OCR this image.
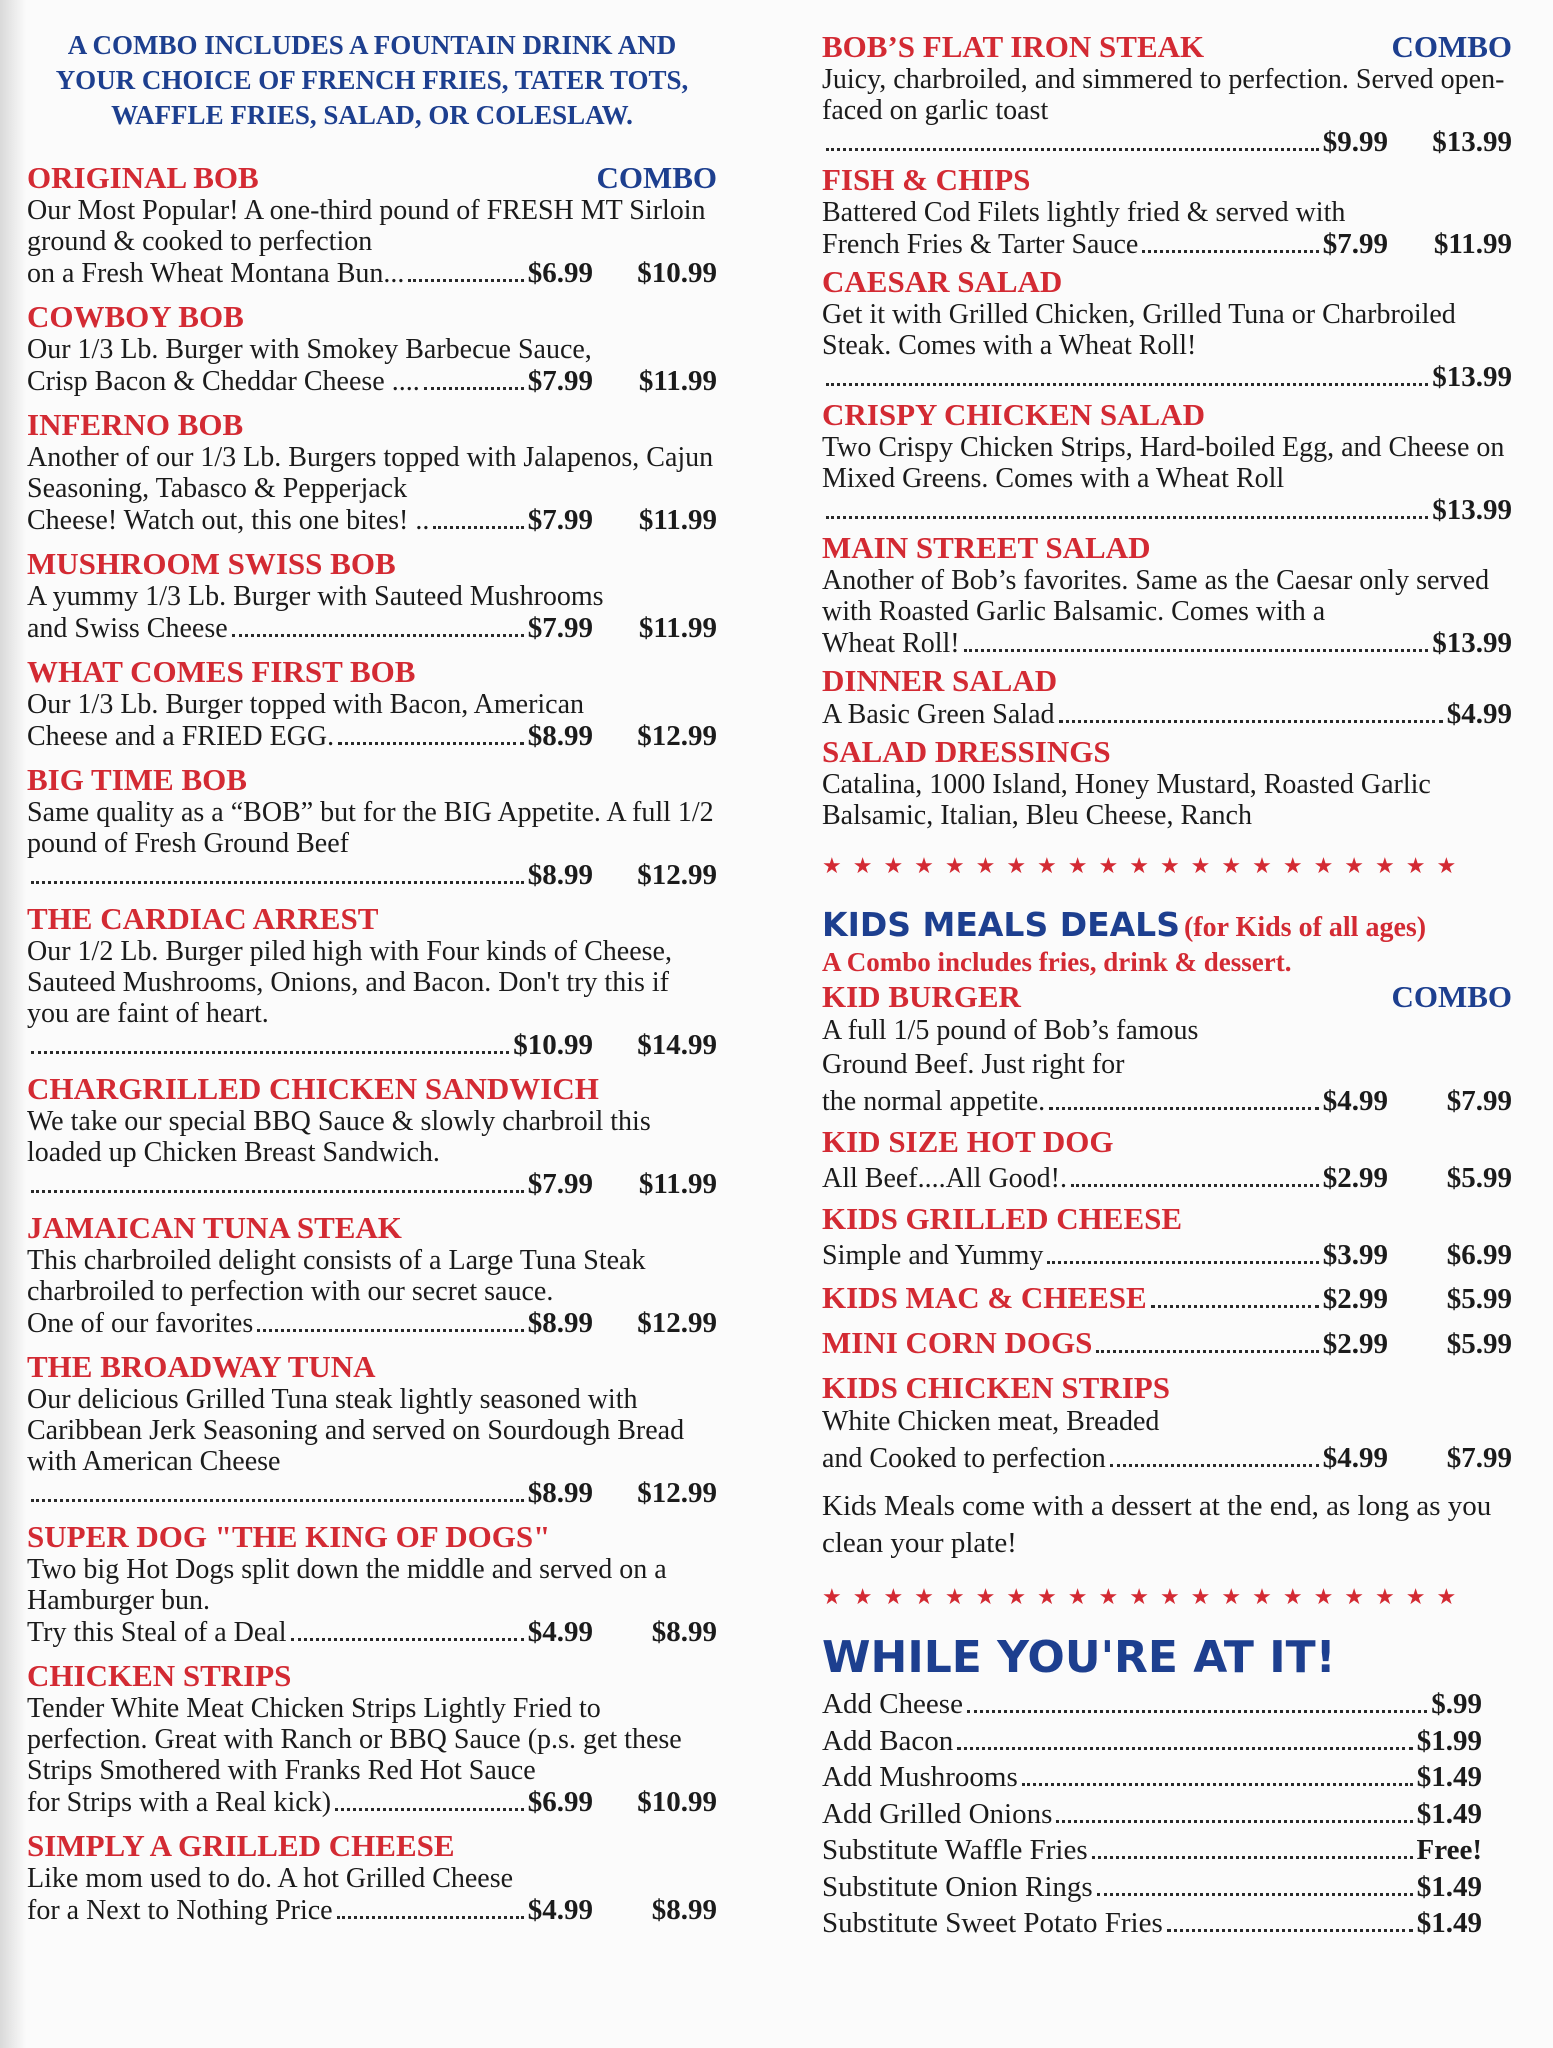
A COMBO INCLUDES A FOUNTAIN DRINK AND YOUR CHOICE OF FRENCH FRIES, TATER TOTS, WAFFLE FRIES, SALAD, OR COLESLAW.
ORIGINAL BOB	COMBO
Our Most Popular! A one-third pound of FRESH MT Sirloin ground & cooked to perfection
on a Fresh Wheat Montana Bun...	$6.99	$10.99
COWBOY BOB
Our 1/3 Lb. Burger with Smokey Barbecue Sauce,
Crisp Bacon & Cheddar Cheese ....	$7.99	$11.99
INFERNO BOB
Another of our 1/3 Lb. Burgers topped with Jalapenos, Cajun Seasoning, Tabasco & Pepperjack
Cheese! Watch out, this one bites! ..	$7.99	$11.99
MUSHROOM SWISS BOB
A yummy 1/3 Lb. Burger with Sauteed Mushrooms
and Swiss Cheese	$7.99	$11.99
WHAT COMES FIRST BOB
Our 1/3 Lb. Burger topped with Bacon, American
Cheese and a FRIED EGG.	$8.99	$12.99
BIG TIME BOB
Same quality as a “BOB” but for the BIG Appetite. A full 1/2 pound of Fresh Ground Beef
$8.99	$12.99
THE CARDIAC ARREST
Our 1/2 Lb. Burger piled high with Four kinds of Cheese, Sauteed Mushrooms, Onions, and Bacon. Don't try this if you are faint of heart.
$10.99	$14.99
CHARGRILLED CHICKEN SANDWICH
We take our special BBQ Sauce & slowly charbroil this loaded up Chicken Breast Sandwich.
$7.99	$11.99
JAMAICAN TUNA STEAK
This charbroiled delight consists of a Large Tuna Steak charbroiled to perfection with our secret sauce.
One of our favorites	$8.99	$12.99
THE BROADWAY TUNA
Our delicious Grilled Tuna steak lightly seasoned with Caribbean Jerk Seasoning and served on Sourdough Bread with American Cheese
$8.99	$12.99
SUPER DOG "THE KING OF DOGS"
Two big Hot Dogs split down the middle and served on a Hamburger bun.
Try this Steal of a Deal	$4.99	$8.99
CHICKEN STRIPS
Tender White Meat Chicken Strips Lightly Fried to perfection. Great with Ranch or BBQ Sauce (p.s. get these Strips Smothered with Franks Red Hot Sauce
for Strips with a Real kick)	$6.99	$10.99
SIMPLY A GRILLED CHEESE
Like mom used to do. A hot Grilled Cheese
for a Next to Nothing Price	$4.99	$8.99
BOB’S FLAT IRON STEAK	COMBO
Juicy, charbroiled, and simmered to perfection. Served open-faced on garlic toast
$9.99	$13.99
FISH & CHIPS
Battered Cod Filets lightly fried & served with
French Fries & Tarter Sauce	$7.99	$11.99
CAESAR SALAD
Get it with Grilled Chicken, Grilled Tuna or Charbroiled Steak. Comes with a Wheat Roll!
$13.99
CRISPY CHICKEN SALAD
Two Crispy Chicken Strips, Hard-boiled Egg, and Cheese on Mixed Greens. Comes with a Wheat Roll
$13.99
MAIN STREET SALAD
Another of Bob’s favorites. Same as the Caesar only served with Roasted Garlic Balsamic. Comes with a
Wheat Roll!	$13.99
DINNER SALAD
A Basic Green Salad	$4.99
SALAD DRESSINGS
Catalina, 1000 Island, Honey Mustard, Roasted Garlic Balsamic, Italian, Bleu Cheese, Ranch
★★★★★★★★★★★★★★★★★★★★★
KIDS MEALS DEALS (for Kids of all ages)
A Combo includes fries, drink & dessert.
KID BURGER	COMBO
A full 1/5 pound of Bob’s famous Ground Beef. Just right for
the normal appetite.	$4.99	$7.99
KID SIZE HOT DOG
All Beef....All Good!.	$2.99	$5.99
KIDS GRILLED CHEESE
Simple and Yummy	$3.99	$6.99
KIDS MAC & CHEESE	$2.99	$5.99
MINI CORN DOGS	$2.99	$5.99
KIDS CHICKEN STRIPS
White Chicken meat, Breaded
and Cooked to perfection	$4.99	$7.99
Kids Meals come with a dessert at the end, as long as you clean your plate!
★★★★★★★★★★★★★★★★★★★★★
WHILE YOU'RE AT IT!
Add Cheese	$.99
Add Bacon	$1.99
Add Mushrooms	$1.49
Add Grilled Onions	$1.49
Substitute Waffle Fries	Free!
Substitute Onion Rings	$1.49
Substitute Sweet Potato Fries	$1.49
